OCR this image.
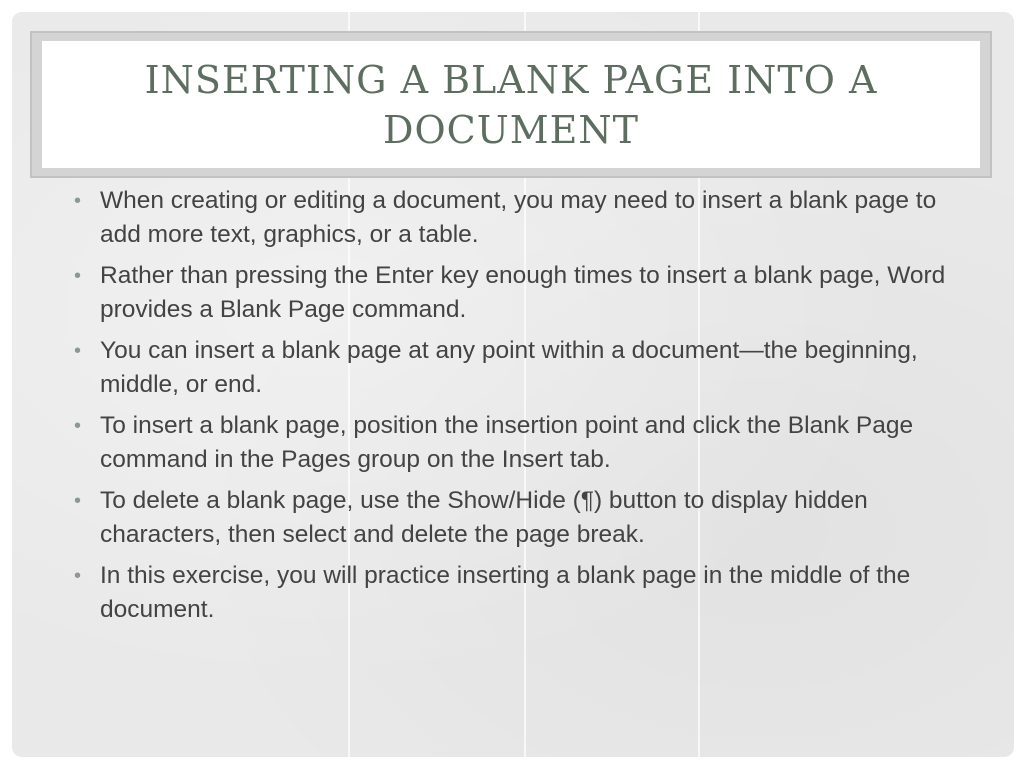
INSERTING A BLANK PAGE INTO A DOCUMENT
• When creating or editing a document, you may need to insert a blank page to add more text, graphics, or a table.
• Rather than pressing the Enter key enough times to insert a blank page, Word provides a Blank Page command.
• You can insert a blank page at any point within a document—the beginning, middle, or end.
• To insert a blank page, position the insertion point and click the Blank Page command in the Pages group on the Insert tab.
• To delete a blank page, use the Show/Hide (¶) button to display hidden characters, then select and delete the page break.
• In this exercise, you will practice inserting a blank page in the middle of the document.
